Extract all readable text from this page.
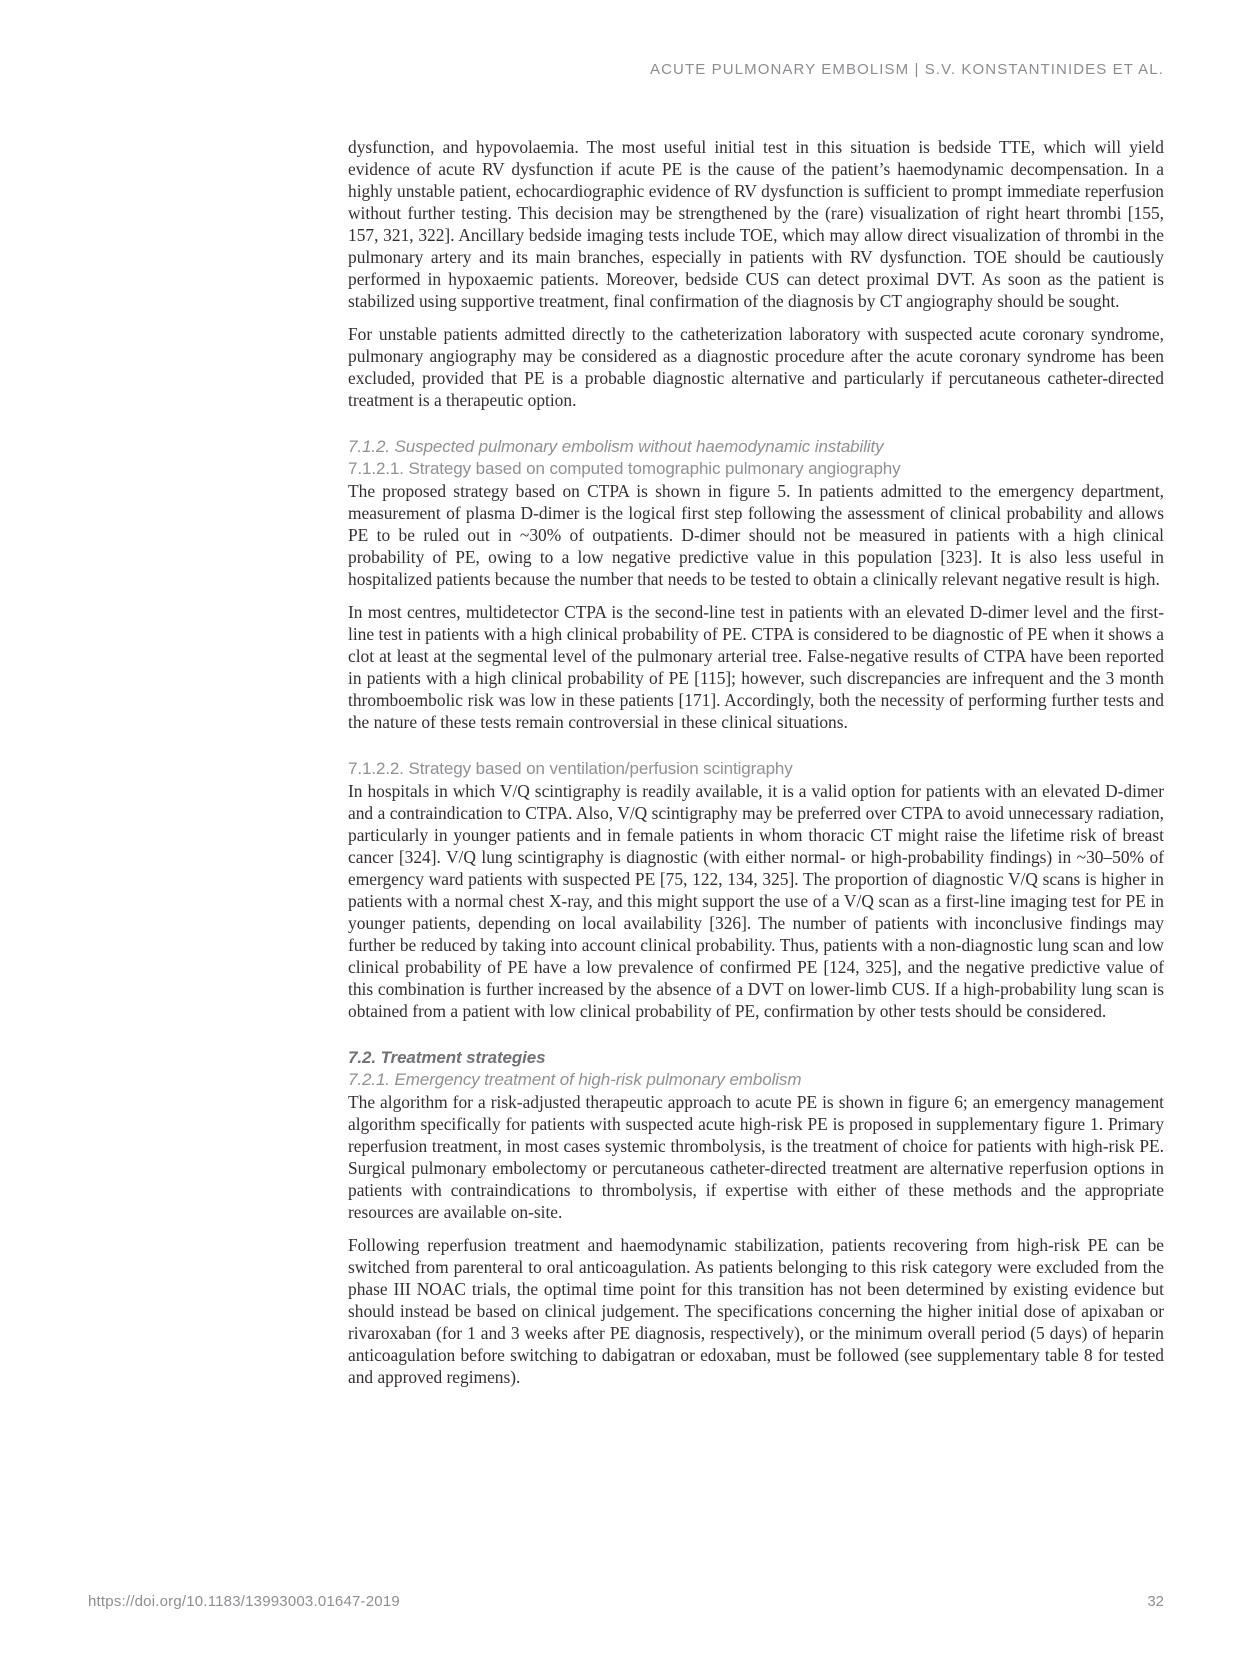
ACUTE PULMONARY EMBOLISM | S.V. KONSTANTINIDES ET AL.

dysfunction, and hypovolaemia. The most useful initial test in this situation is bedside TTE, which will yield evidence of acute RV dysfunction if acute PE is the cause of the patient’s haemodynamic decompensation. In a highly unstable patient, echocardiographic evidence of RV dysfunction is sufficient to prompt immediate reperfusion without further testing. This decision may be strengthened by the (rare) visualization of right heart thrombi [155, 157, 321, 322]. Ancillary bedside imaging tests include TOE, which may allow direct visualization of thrombi in the pulmonary artery and its main branches, especially in patients with RV dysfunction. TOE should be cautiously performed in hypoxaemic patients. Moreover, bedside CUS can detect proximal DVT. As soon as the patient is stabilized using supportive treatment, final confirmation of the diagnosis by CT angiography should be sought.

For unstable patients admitted directly to the catheterization laboratory with suspected acute coronary syndrome, pulmonary angiography may be considered as a diagnostic procedure after the acute coronary syndrome has been excluded, provided that PE is a probable diagnostic alternative and particularly if percutaneous catheter-directed treatment is a therapeutic option.

7.1.2. Suspected pulmonary embolism without haemodynamic instability
7.1.2.1. Strategy based on computed tomographic pulmonary angiography

The proposed strategy based on CTPA is shown in figure 5. In patients admitted to the emergency department, measurement of plasma D-dimer is the logical first step following the assessment of clinical probability and allows PE to be ruled out in ~30% of outpatients. D-dimer should not be measured in patients with a high clinical probability of PE, owing to a low negative predictive value in this population [323]. It is also less useful in hospitalized patients because the number that needs to be tested to obtain a clinically relevant negative result is high.

In most centres, multidetector CTPA is the second-line test in patients with an elevated D-dimer level and the first-line test in patients with a high clinical probability of PE. CTPA is considered to be diagnostic of PE when it shows a clot at least at the segmental level of the pulmonary arterial tree. False-negative results of CTPA have been reported in patients with a high clinical probability of PE [115]; however, such discrepancies are infrequent and the 3 month thromboembolic risk was low in these patients [171]. Accordingly, both the necessity of performing further tests and the nature of these tests remain controversial in these clinical situations.

7.1.2.2. Strategy based on ventilation/perfusion scintigraphy

In hospitals in which V/Q scintigraphy is readily available, it is a valid option for patients with an elevated D-dimer and a contraindication to CTPA. Also, V/Q scintigraphy may be preferred over CTPA to avoid unnecessary radiation, particularly in younger patients and in female patients in whom thoracic CT might raise the lifetime risk of breast cancer [324]. V/Q lung scintigraphy is diagnostic (with either normal- or high-probability findings) in ~30–50% of emergency ward patients with suspected PE [75, 122, 134, 325]. The proportion of diagnostic V/Q scans is higher in patients with a normal chest X-ray, and this might support the use of a V/Q scan as a first-line imaging test for PE in younger patients, depending on local availability [326]. The number of patients with inconclusive findings may further be reduced by taking into account clinical probability. Thus, patients with a non-diagnostic lung scan and low clinical probability of PE have a low prevalence of confirmed PE [124, 325], and the negative predictive value of this combination is further increased by the absence of a DVT on lower-limb CUS. If a high-probability lung scan is obtained from a patient with low clinical probability of PE, confirmation by other tests should be considered.

7.2. Treatment strategies
7.2.1. Emergency treatment of high-risk pulmonary embolism

The algorithm for a risk-adjusted therapeutic approach to acute PE is shown in figure 6; an emergency management algorithm specifically for patients with suspected acute high-risk PE is proposed in supplementary figure 1. Primary reperfusion treatment, in most cases systemic thrombolysis, is the treatment of choice for patients with high-risk PE. Surgical pulmonary embolectomy or percutaneous catheter-directed treatment are alternative reperfusion options in patients with contraindications to thrombolysis, if expertise with either of these methods and the appropriate resources are available on-site.

Following reperfusion treatment and haemodynamic stabilization, patients recovering from high-risk PE can be switched from parenteral to oral anticoagulation. As patients belonging to this risk category were excluded from the phase III NOAC trials, the optimal time point for this transition has not been determined by existing evidence but should instead be based on clinical judgement. The specifications concerning the higher initial dose of apixaban or rivaroxaban (for 1 and 3 weeks after PE diagnosis, respectively), or the minimum overall period (5 days) of heparin anticoagulation before switching to dabigatran or edoxaban, must be followed (see supplementary table 8 for tested and approved regimens).

https://doi.org/10.1183/13993003.01647-2019	32
